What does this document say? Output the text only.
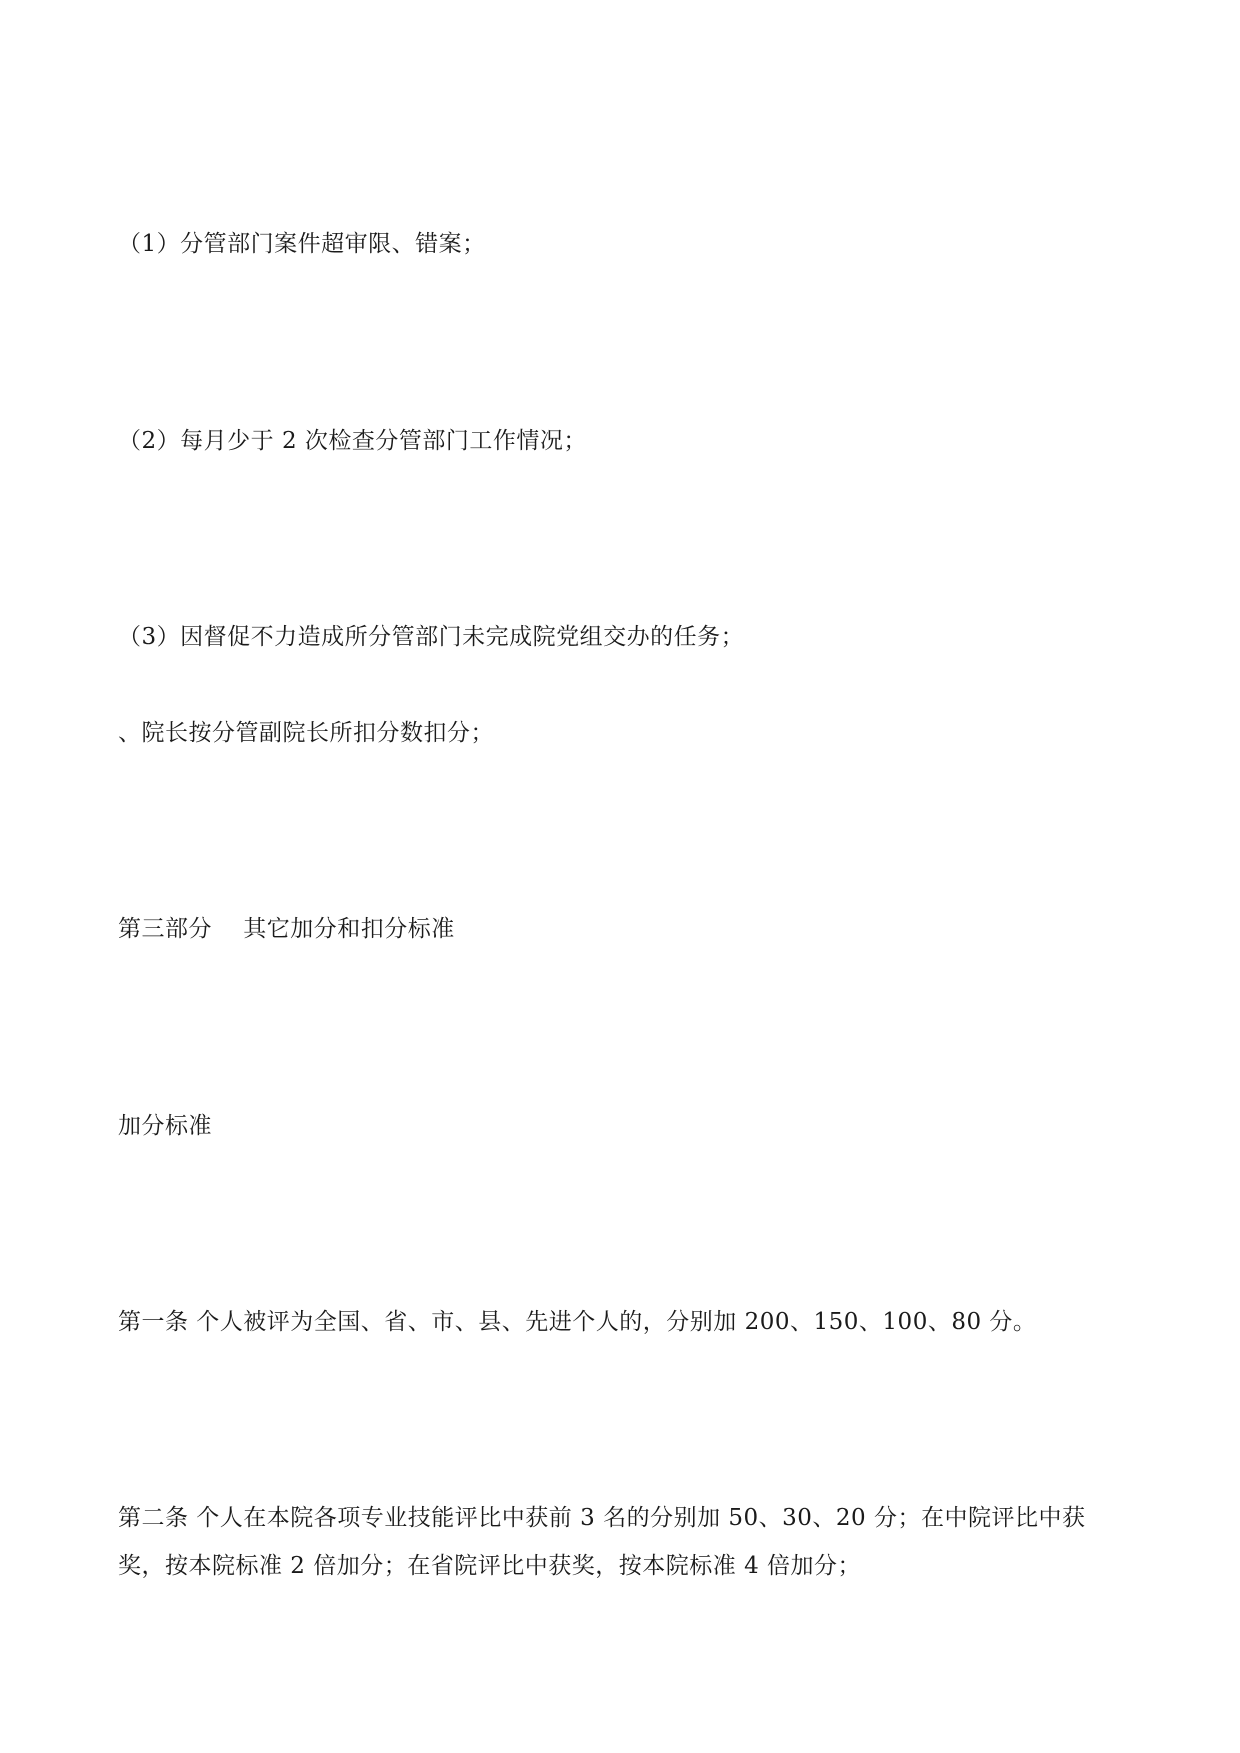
（1）分管部门案件超审限、错案；
（2）每月少于 2 次检查分管部门工作情况；
（3）因督促不力造成所分管部门未完成院党组交办的任务；
、院长按分管副院长所扣分数扣分；
第三部分　 其它加分和扣分标准
加分标准
第一条 个人被评为全国、省、市、县、先进个人的，分别加 200、150、100、80 分。
第二条 个人在本院各项专业技能评比中获前 3 名的分别加 50、30、20 分；在中院评比中获
奖，按本院标准 2 倍加分；在省院评比中获奖，按本院标准 4 倍加分；
